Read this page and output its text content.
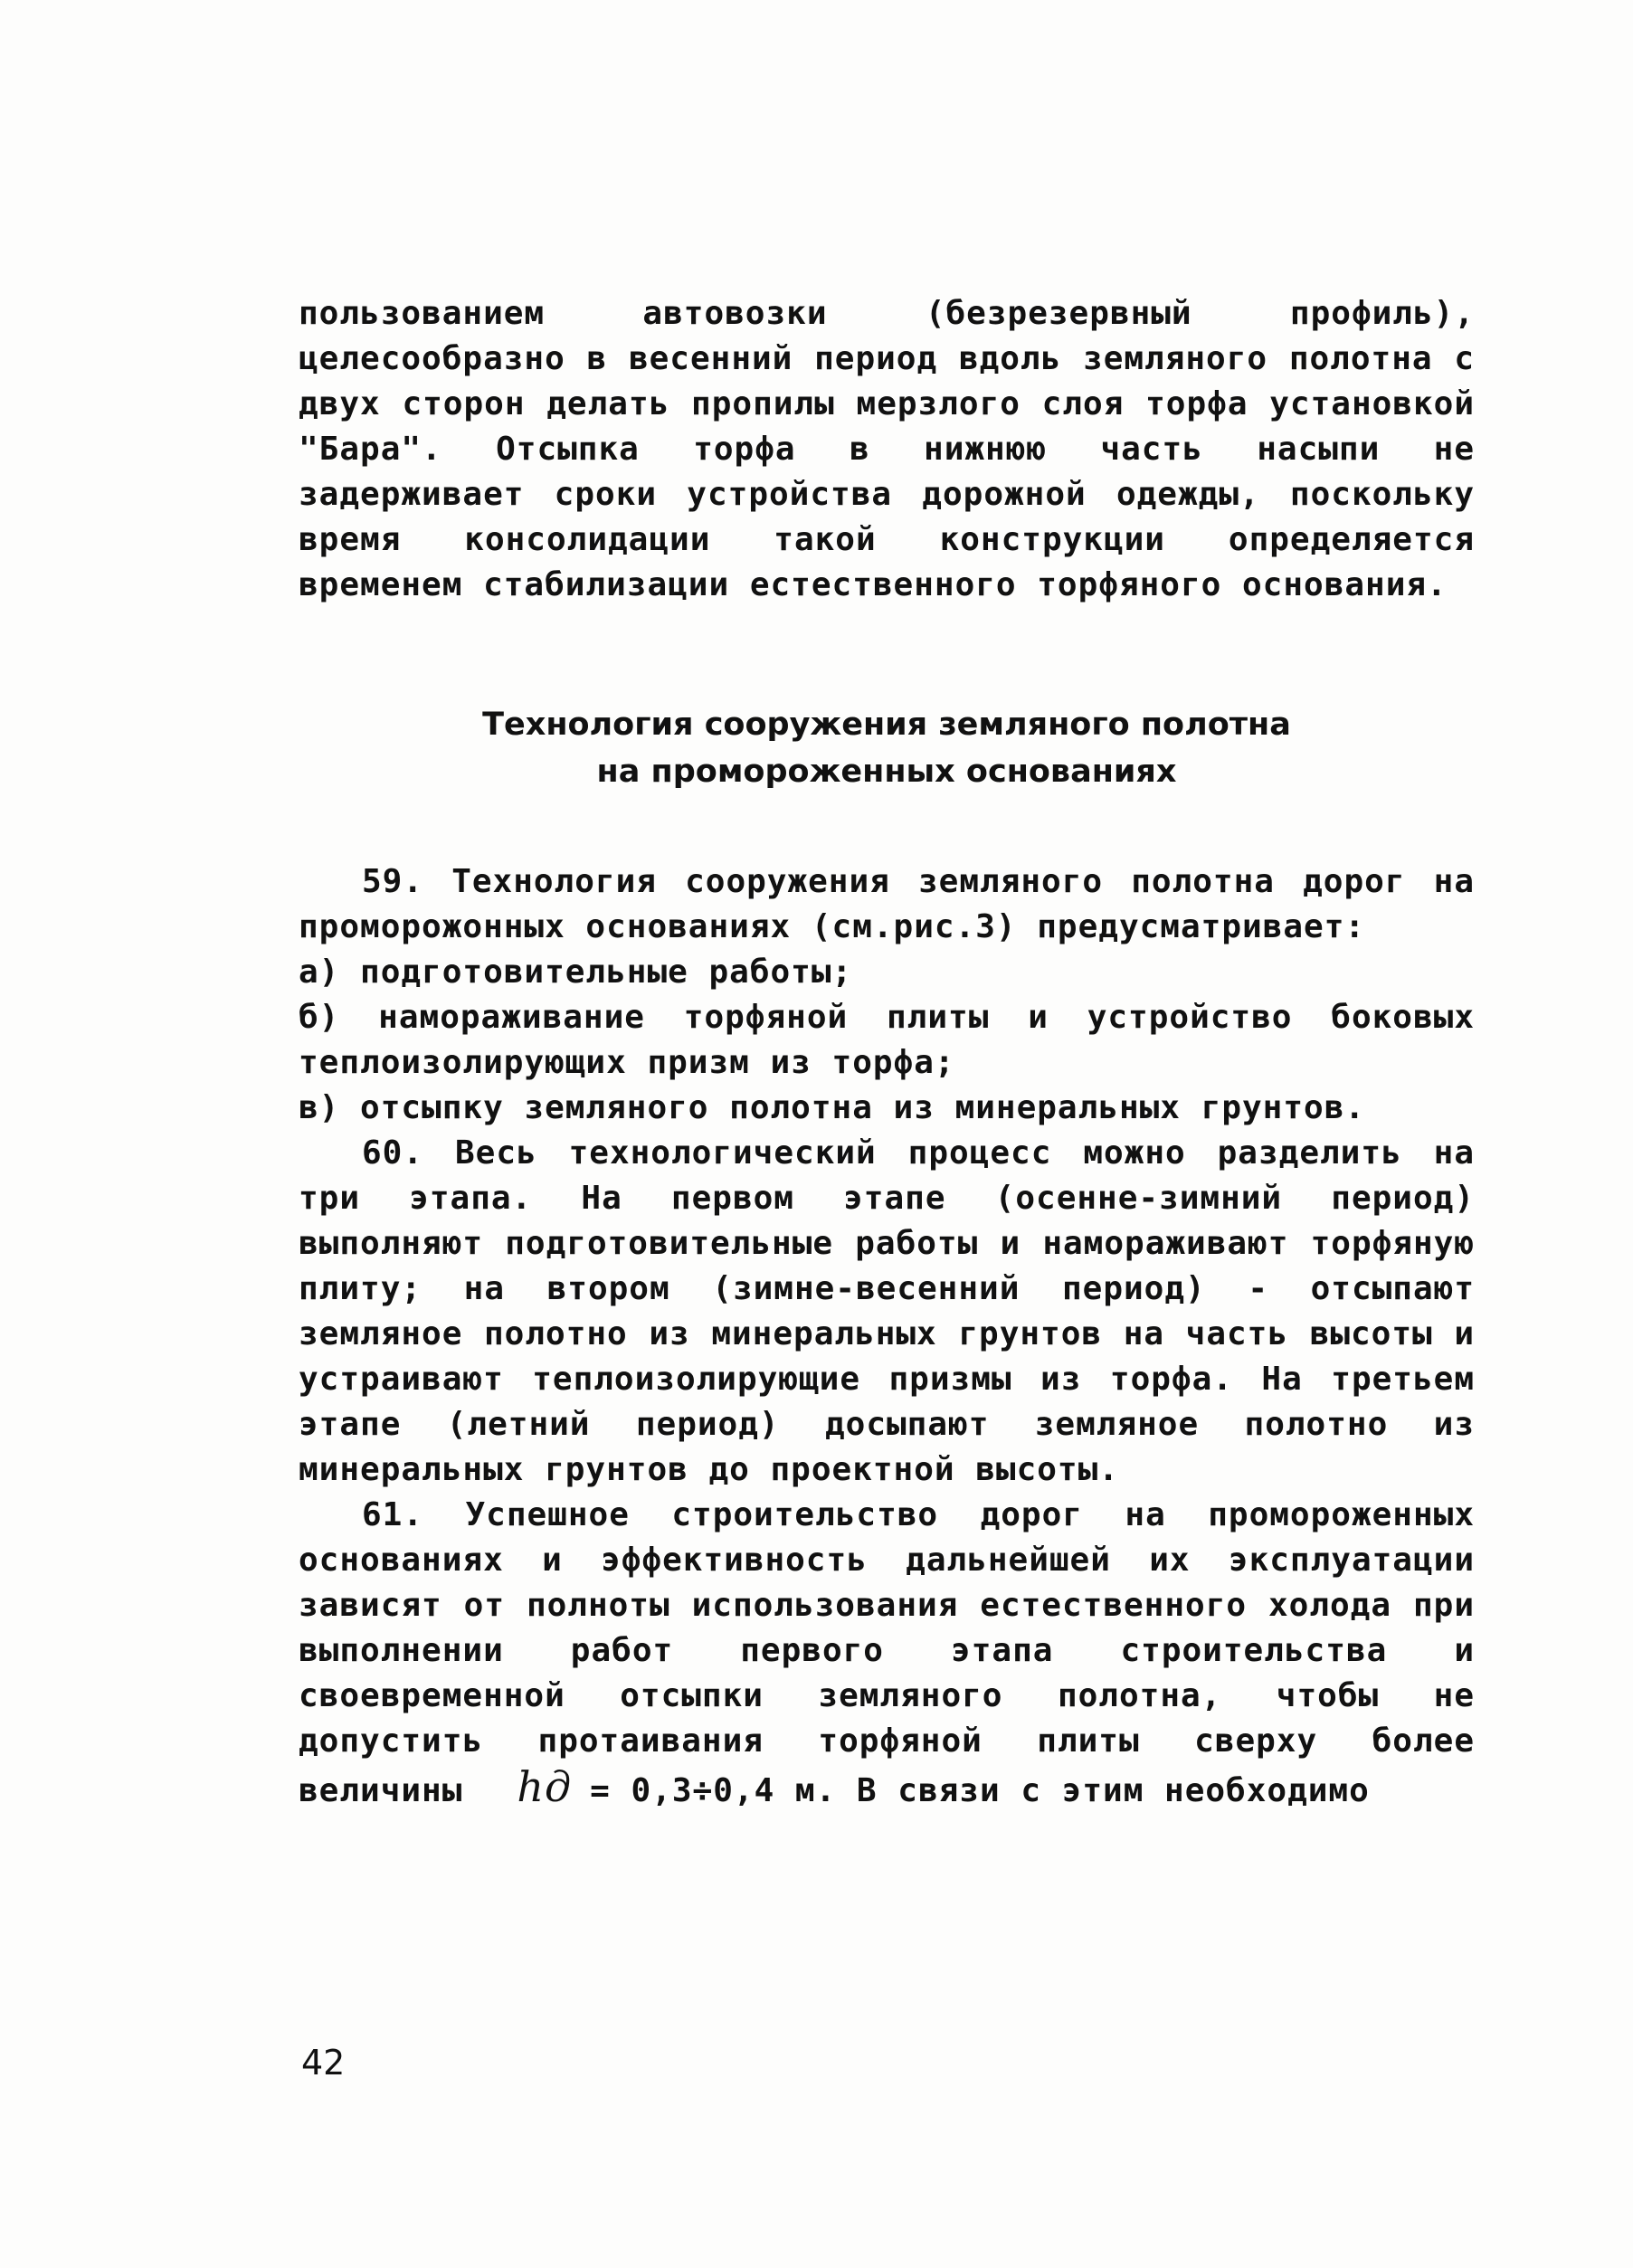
пользованием автовозки (безрезервный профиль), целесообразно в весенний период вдоль земляного полотна с двух сторон делать пропилы мерзлого слоя торфа установкой "Бара". Отсыпка торфа в нижнюю часть насыпи не задерживает сроки устройства дорожной одежды, поскольку время консолидации такой конструкции определяется временем стабилизации естественного торфяного основания.

Технология сооружения земляного полотна

на промороженных основаниях

59. Технология сооружения земляного полотна дорог на проморожонных основаниях (см.рис.3) предусматривает:

а) подготовительные работы;

б) намораживание торфяной плиты и устройство боковых теплоизолирующих призм из торфа;

в) отсыпку земляного полотна из минеральных грунтов.

60. Весь технологический процесс можно разделить на три этапа. На первом этапе (осенне-зимний период) выполняют подготовительные работы и намораживают торфяную плиту; на втором (зимне-весенний период) - отсыпают земляное полотно из минеральных грунтов на часть высоты и устраивают теплоизолирующие призмы из торфа. На третьем этапе (летний период) досыпают земляное полотно из минеральных грунтов до проектной высоты.

61. Успешное строительство дорог на промороженных основаниях и эффективность дальнейшей их эксплуатации зависят от полноты использования естественного холода при выполнении работ первого этапа строительства и своевременной отсыпки земляного полотна, чтобы не допустить протаивания торфяной плиты сверху более величины hд = 0,3÷0,4 м. В связи с этим необходимо

42
